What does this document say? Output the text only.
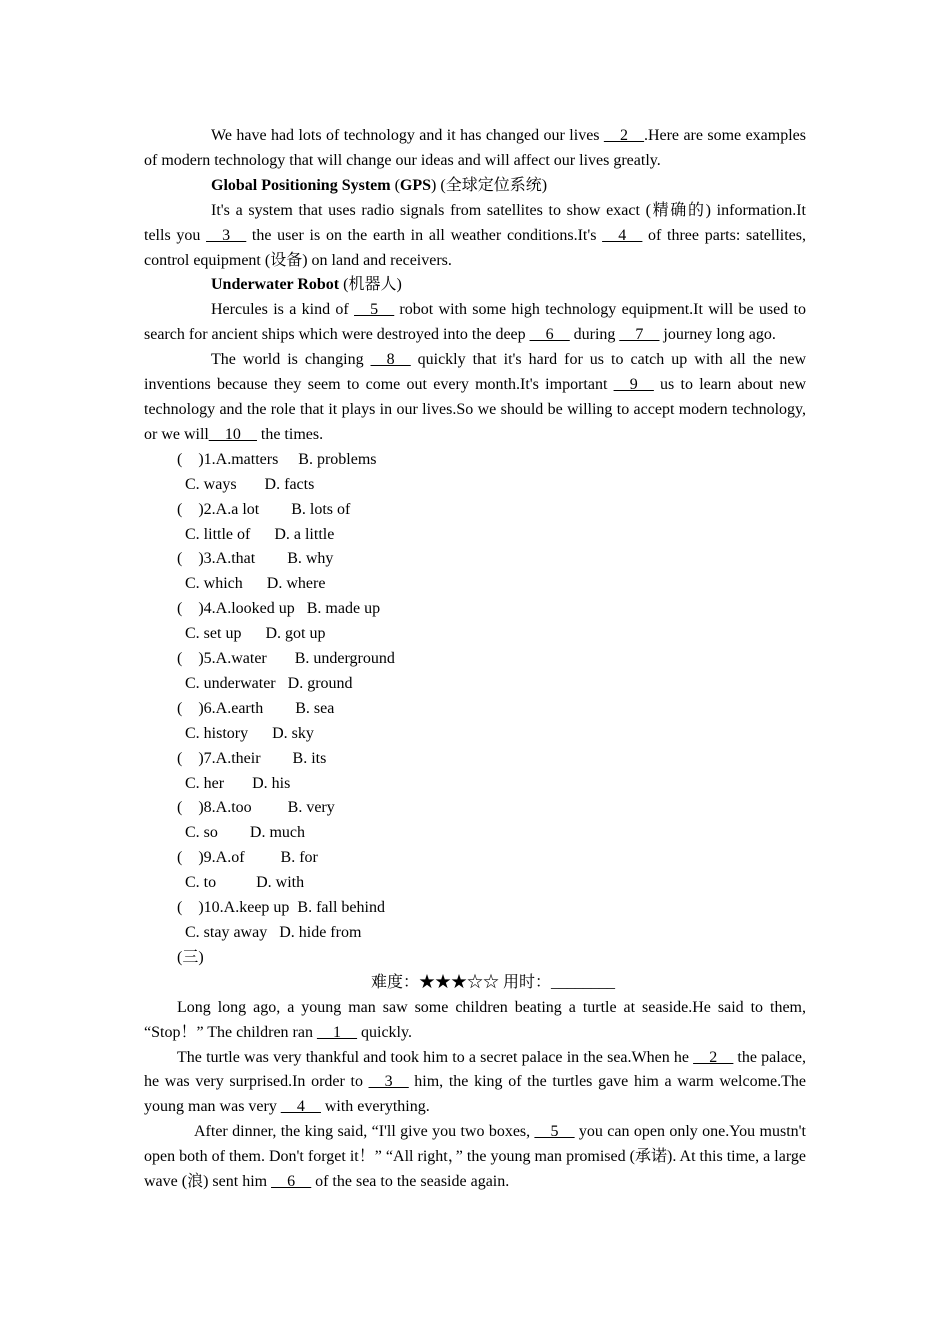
We have had lots of technology and it has changed our lives __2__.Here are some examples of modern technology that will change our ideas and will affect our lives greatly.

Global Positioning System (GPS) (全球定位系统)

It's a system that uses radio signals from satellites to show exact (精确的) information.It tells you __3__ the user is on the earth in all weather conditions.It's __4__ of three parts: satellites, control equipment (设备) on land and receivers.

Underwater Robot (机器人)

Hercules is a kind of __5__ robot with some high technology equipment.It will be used to search for ancient ships which were destroyed into the deep __6__ during __7__ journey long ago.

The world is changing __8__ quickly that it's hard for us to catch up with all the new inventions because they seem to come out every month.It's important __9__ us to learn about new technology and the role that it plays in our lives.So we should be willing to accept modern technology, or we will__10__ the times.

(    )1.A.matters     B. problems

C. ways       D. facts

(    )2.A.a lot        B. lots of

C. little of      D. a little

(    )3.A.that        B. why

C. which      D. where

(    )4.A.looked up   B. made up

C. set up      D. got up

(    )5.A.water       B. underground

C. underwater   D. ground

(    )6.A.earth        B. sea

C. history      D. sky

(    )7.A.their        B. its

C. her       D. his

(    )8.A.too         B. very

C. so        D. much

(    )9.A.of         B. for

C. to          D. with

(    )10.A.keep up  B. fall behind

C. stay away   D. hide from

(三)

难度：★★★☆☆ 用时：________

Long long ago, a young man saw some children beating a turtle at seaside.He said to them, “Stop！” The children ran __1__ quickly.

The turtle was very thankful and took him to a secret palace in the sea.When he __2__ the palace, he was very surprised.In order to __3__ him, the king of the turtles gave him a warm welcome.The young man was very __4__ with everything.

After dinner, the king said, “I'll give you two boxes, __5__ you can open only one.You mustn't open both of them. Don't forget it！” “All right，” the young man promised (承诺). At this time, a large wave (浪) sent him __6__ of the sea to the seaside again.
